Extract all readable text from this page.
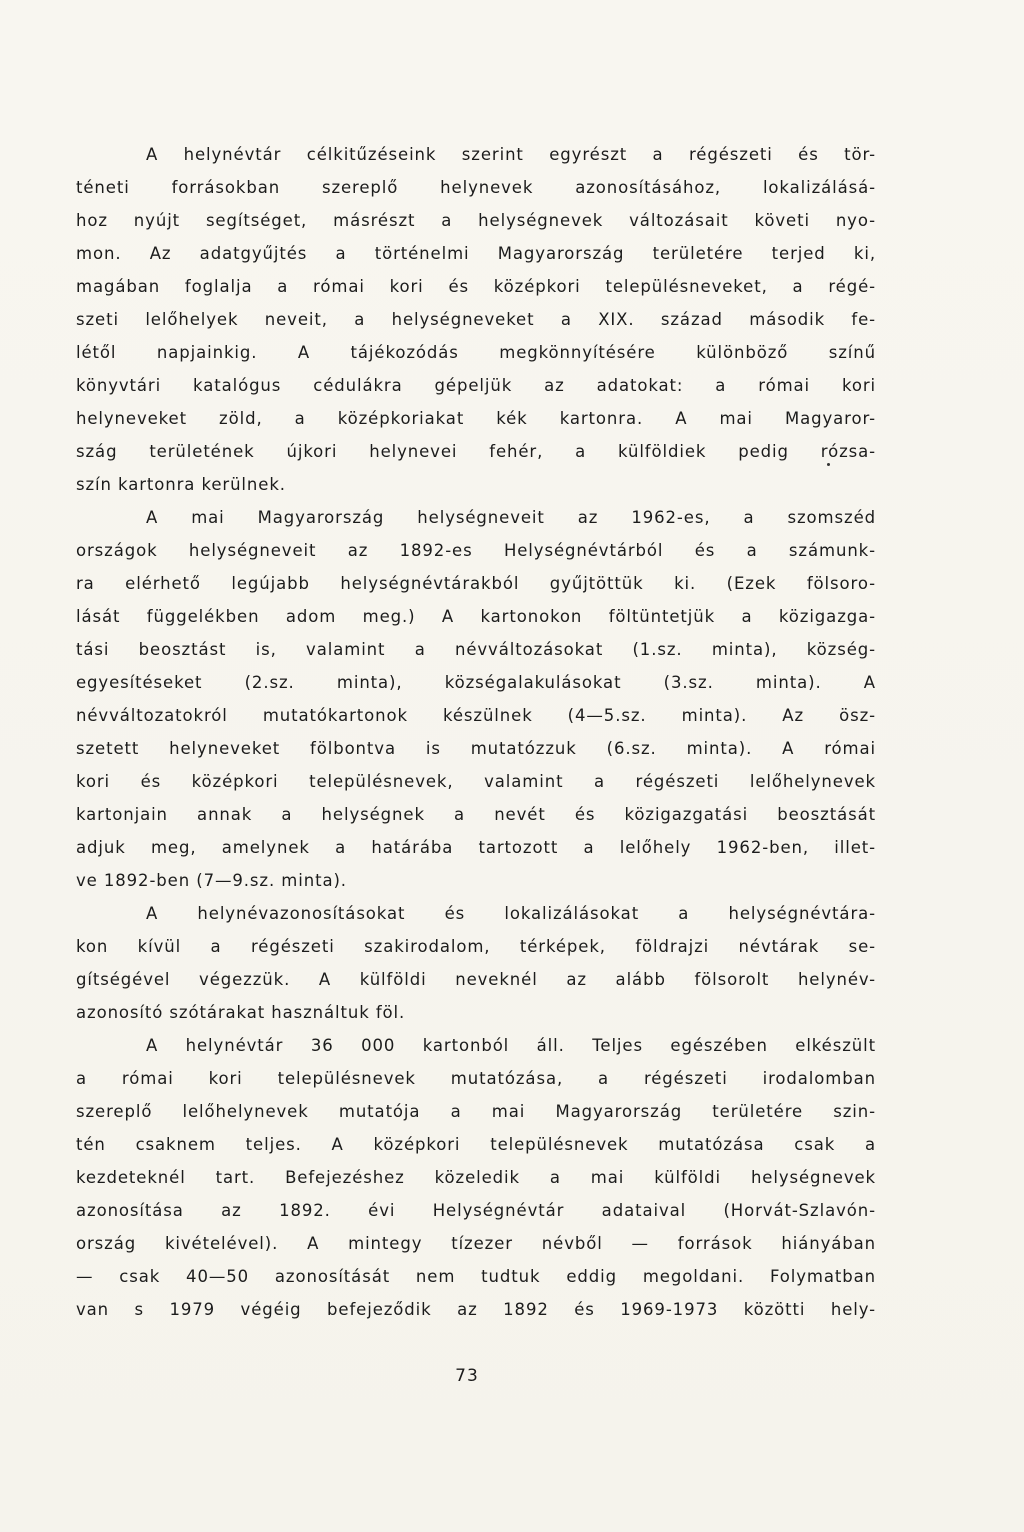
A helynévtár célkitűzéseink szerint egyrészt a régészeti és tör-
téneti forrásokban szereplő helynevek azonosításához, lokalizálásá-
hoz nyújt segítséget, másrészt a helységnevek változásait követi nyo-
mon. Az adatgyűjtés a történelmi Magyarország területére terjed ki,
magában foglalja a római kori és középkori településneveket, a régé-
szeti lelőhelyek neveit, a helységneveket a XIX. század második fe-
létől napjainkig. A tájékozódás megkönnyítésére különböző színű
könyvtári katalógus cédulákra gépeljük az adatokat: a római kori
helyneveket zöld, a középkoriakat kék kartonra. A mai Magyaror-
szág területének újkori helynevei fehér, a külföldiek pedig rózsa-
szín kartonra kerülnek.

A mai Magyarország helységneveit az 1962-es, a szomszéd
országok helységneveit az 1892-es Helységnévtárból és a számunk-
ra elérhető legújabb helységnévtárakból gyűjtöttük ki. (Ezek fölsoro-
lását függelékben adom meg.) A kartonokon föltüntetjük a közigazga-
tási beosztást is, valamint a névváltozásokat (1.sz. minta), község-
egyesítéseket (2.sz. minta), községalakulásokat (3.sz. minta). A
névváltozatokról mutatókartonok készülnek (4—5.sz. minta). Az ösz-
szetett helyneveket fölbontva is mutatózzuk (6.sz. minta). A római
kori és középkori településnevek, valamint a régészeti lelőhelynevek
kartonjain annak a helységnek a nevét és közigazgatási beosztását
adjuk meg, amelynek a határába tartozott a lelőhely 1962-ben, illet-
ve 1892-ben (7—9.sz. minta).

A helynévazonosításokat és lokalizálásokat a helységnévtára-
kon kívül a régészeti szakirodalom, térképek, földrajzi névtárak se-
gítségével végezzük. A külföldi neveknél az alább fölsorolt helynév-
azonosító szótárakat használtuk föl.

A helynévtár 36 000 kartonból áll. Teljes egészében elkészült
a római kori településnevek mutatózása, a régészeti irodalomban
szereplő lelőhelynevek mutatója a mai Magyarország területére szin-
tén csaknem teljes. A középkori településnevek mutatózása csak a
kezdeteknél tart. Befejezéshez közeledik a mai külföldi helységnevek
azonosítása az 1892. évi Helységnévtár adataival (Horvát-Szlavón-
ország kivételével). A mintegy tízezer névből — források hiányában
— csak 40—50 azonosítását nem tudtuk eddig megoldani. Folymatban
van s 1979 végéig befejeződik az 1892 és 1969-1973 közötti hely-

73
